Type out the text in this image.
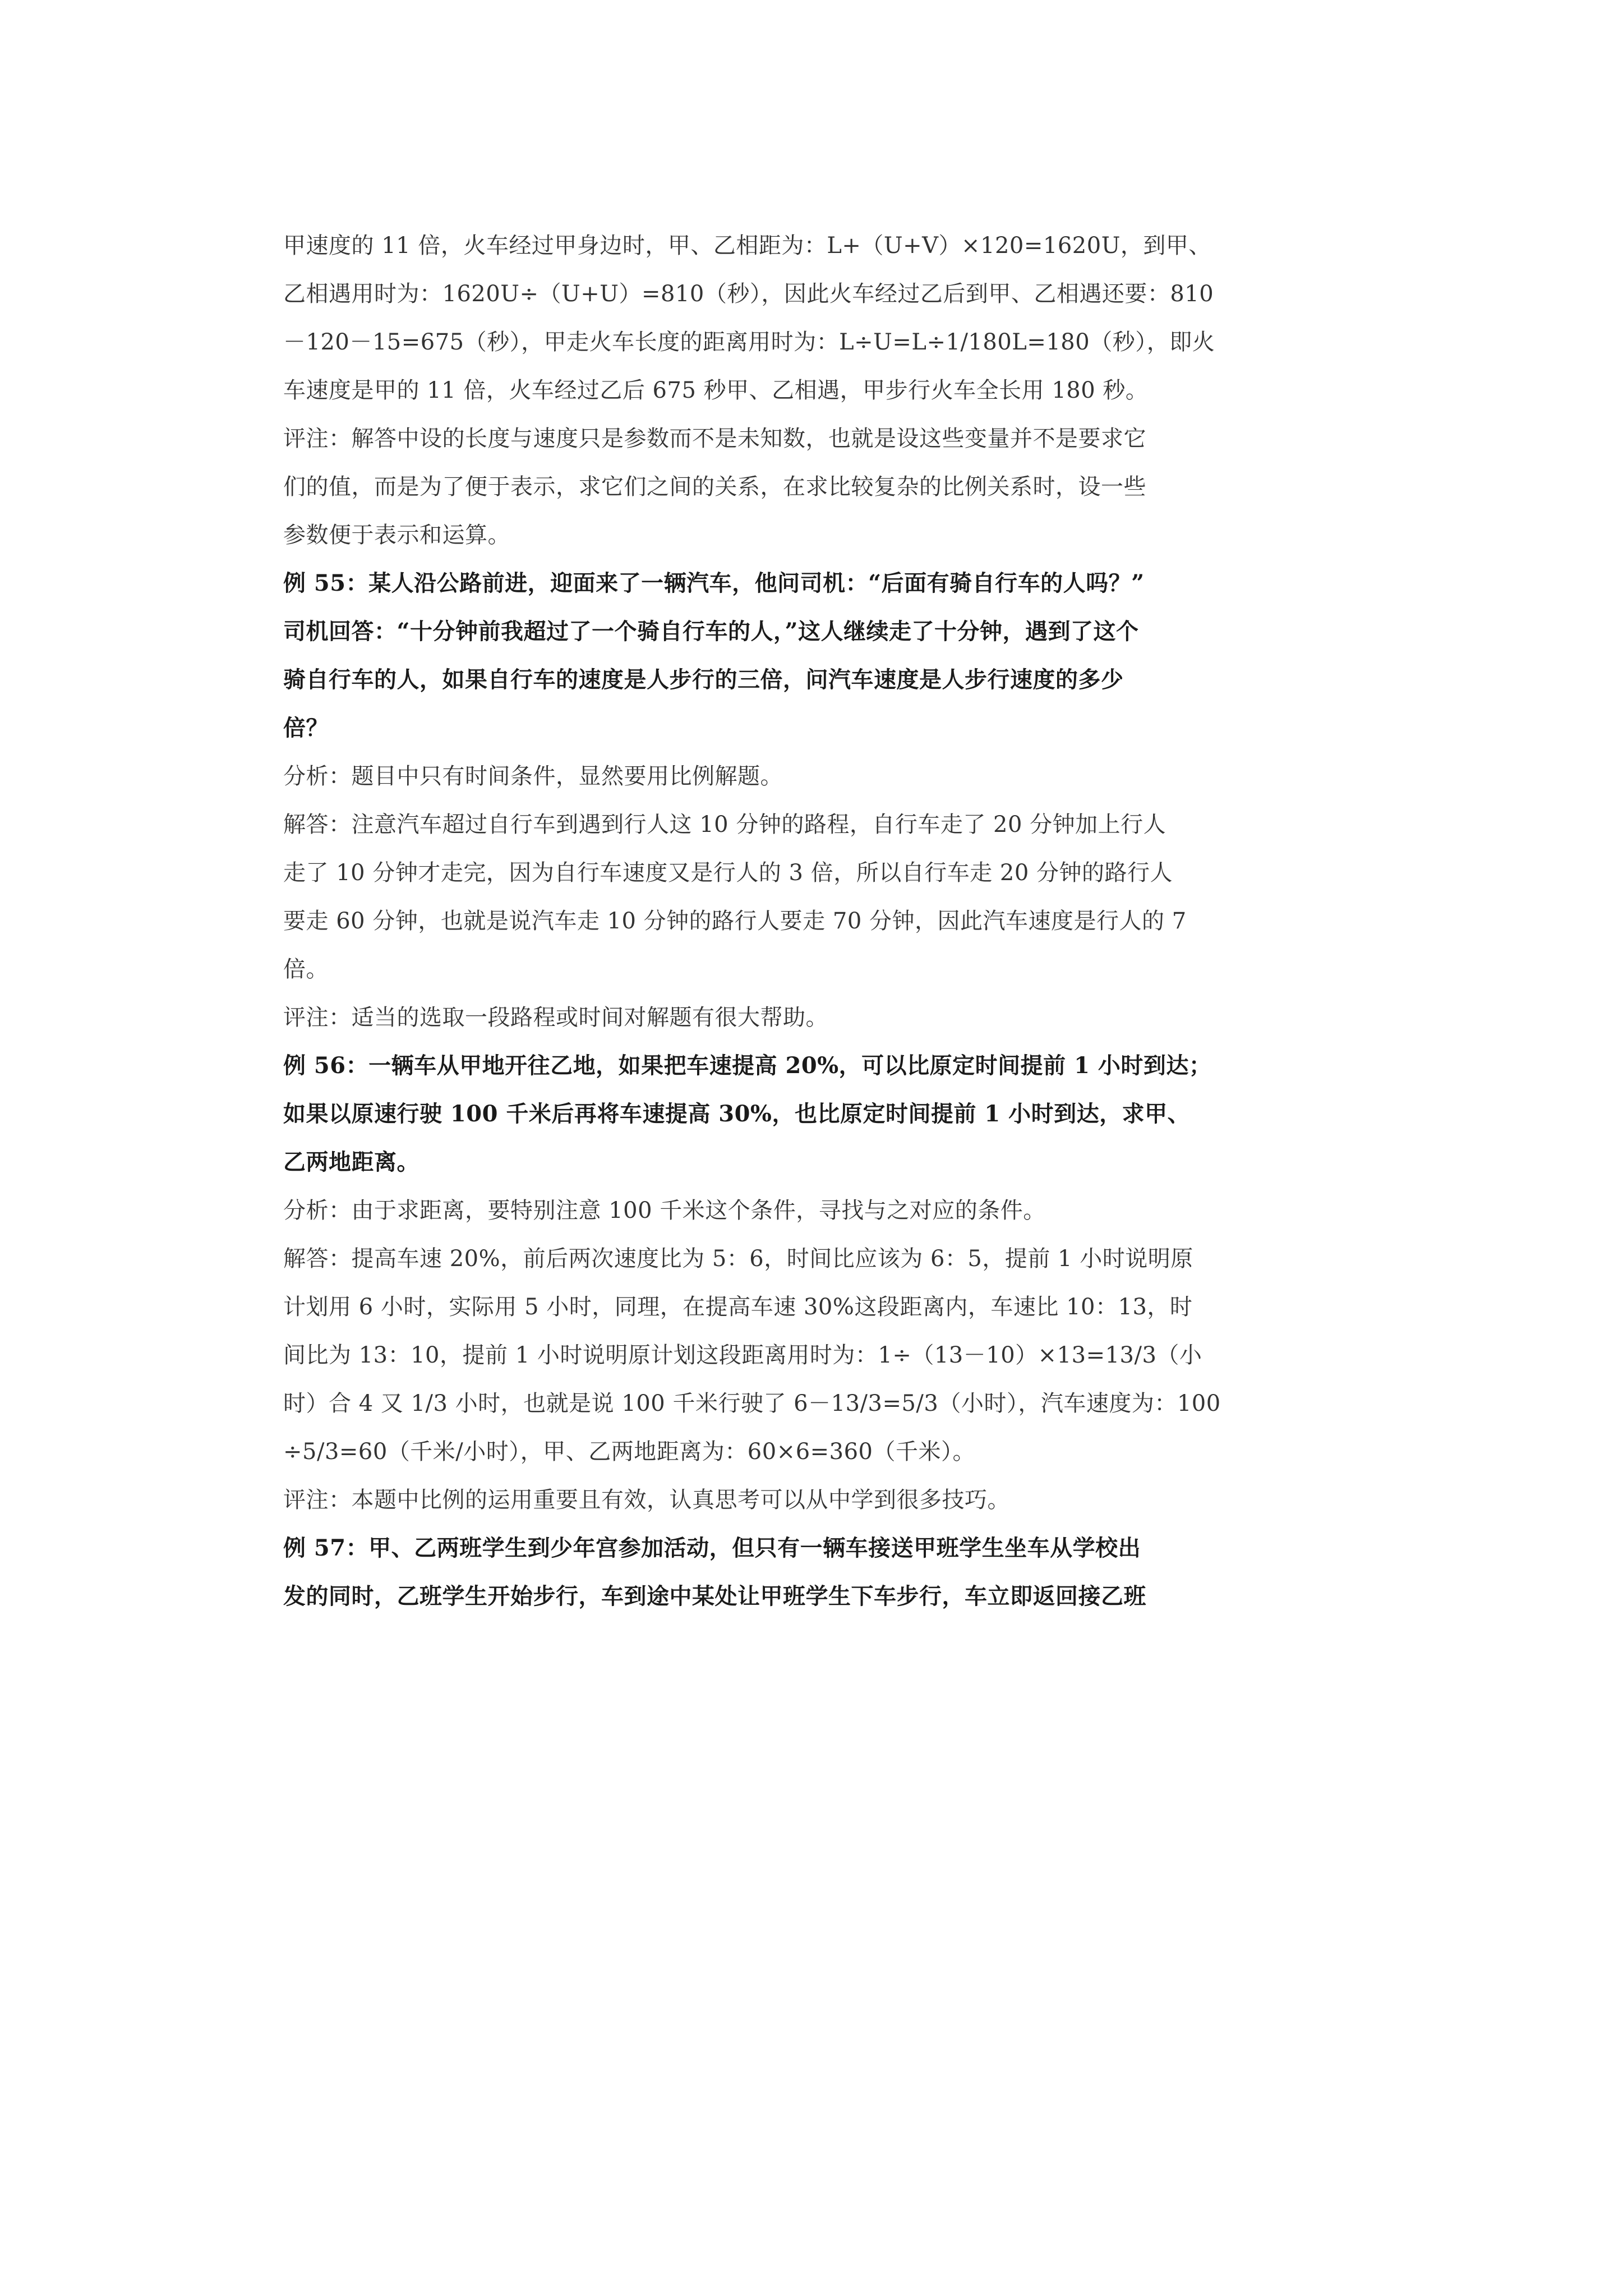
甲速度的 11 倍，火车经过甲身边时，甲、乙相距为：L+（U+V）×120=1620U，到甲、
乙相遇用时为：1620U÷（U+U）=810（秒），因此火车经过乙后到甲、乙相遇还要：810
－120－15=675（秒），甲走火车长度的距离用时为：L÷U=L÷1/180L=180（秒），即火
车速度是甲的 11 倍，火车经过乙后 675 秒甲、乙相遇，甲步行火车全长用 180 秒。
评注：解答中设的长度与速度只是参数而不是未知数，也就是设这些变量并不是要求它
们的值，而是为了便于表示，求它们之间的关系，在求比较复杂的比例关系时，设一些
参数便于表示和运算。
例 55：某人沿公路前进，迎面来了一辆汽车，他问司机：“后面有骑自行车的人吗？”
司机回答：“十分钟前我超过了一个骑自行车的人，”这人继续走了十分钟，遇到了这个
骑自行车的人，如果自行车的速度是人步行的三倍，问汽车速度是人步行速度的多少
倍？
分析：题目中只有时间条件，显然要用比例解题。
解答：注意汽车超过自行车到遇到行人这 10 分钟的路程，自行车走了 20 分钟加上行人
走了 10 分钟才走完，因为自行车速度又是行人的 3 倍，所以自行车走 20 分钟的路行人
要走 60 分钟，也就是说汽车走 10 分钟的路行人要走 70 分钟，因此汽车速度是行人的 7
倍。
评注：适当的选取一段路程或时间对解题有很大帮助。
例 56：一辆车从甲地开往乙地，如果把车速提高 20%，可以比原定时间提前 1 小时到达；
如果以原速行驶 100 千米后再将车速提高 30%，也比原定时间提前 1 小时到达，求甲、
乙两地距离。
分析：由于求距离，要特别注意 100 千米这个条件，寻找与之对应的条件。
解答：提高车速 20%，前后两次速度比为 5：6，时间比应该为 6：5，提前 1 小时说明原
计划用 6 小时，实际用 5 小时，同理，在提高车速 30%这段距离内，车速比 10：13，时
间比为 13：10，提前 1 小时说明原计划这段距离用时为：1÷（13－10）×13=13/3（小
时）合 4 又 1/3 小时，也就是说 100 千米行驶了 6－13/3=5/3（小时），汽车速度为：100
÷5/3=60（千米/小时），甲、乙两地距离为：60×6=360（千米）。
评注：本题中比例的运用重要且有效，认真思考可以从中学到很多技巧。
例 57：甲、乙两班学生到少年宫参加活动，但只有一辆车接送甲班学生坐车从学校出
发的同时，乙班学生开始步行，车到途中某处让甲班学生下车步行，车立即返回接乙班
